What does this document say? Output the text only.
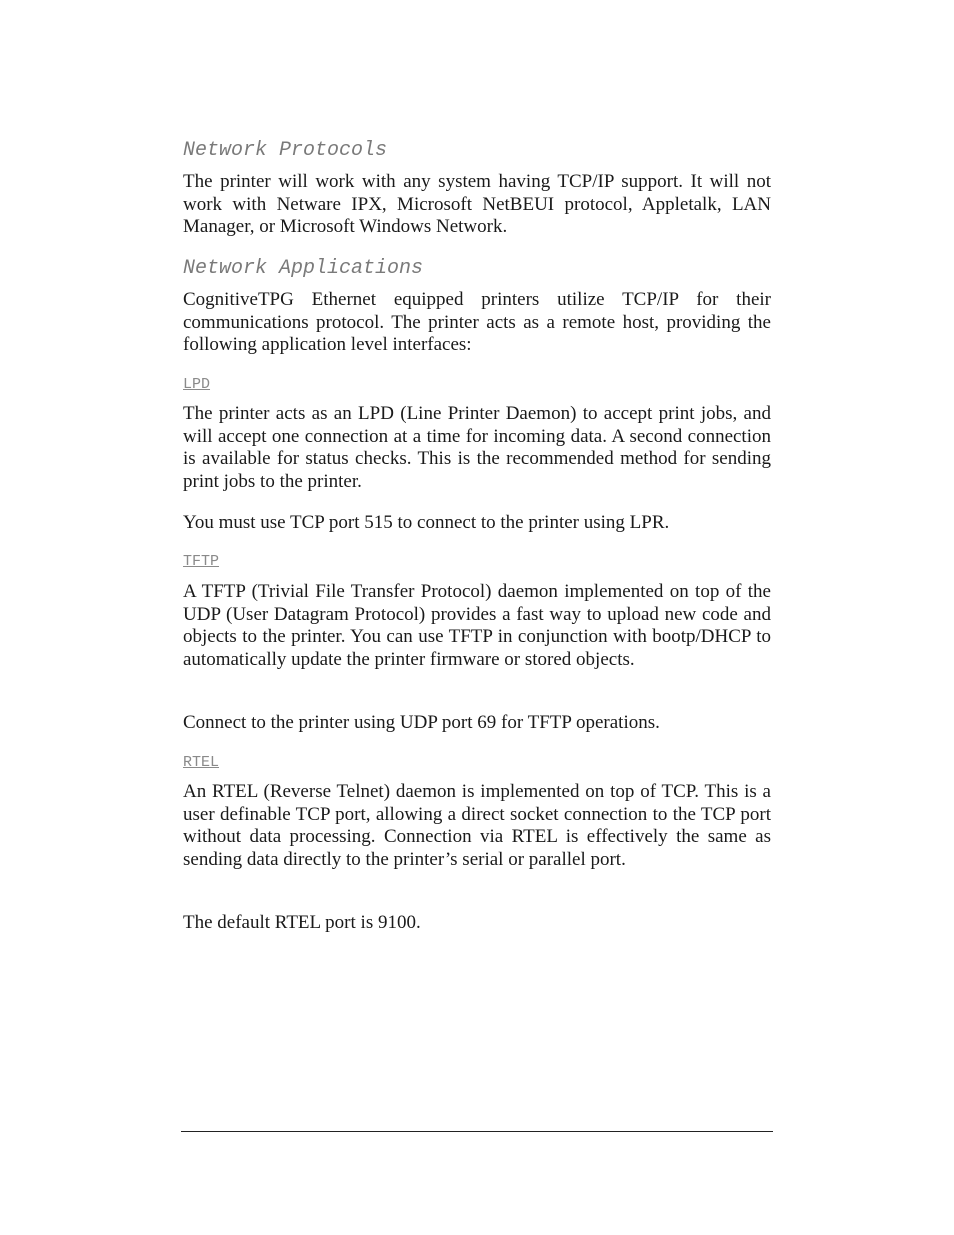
Network Protocols

The printer will work with any system having TCP/IP support. It will not work with Netware IPX, Microsoft NetBEUI protocol, Appletalk, LAN Manager, or Microsoft Windows Network.

Network Applications

CognitiveTPG Ethernet equipped printers utilize TCP/IP for their communications protocol. The printer acts as a remote host, providing the following application level interfaces:

LPD

The printer acts as an LPD (Line Printer Daemon) to accept print jobs, and will accept one connection at a time for incoming data. A second connection is available for status checks. This is the recommended method for sending print jobs to the printer.

You must use TCP port 515 to connect to the printer using LPR.

TFTP

A TFTP (Trivial File Transfer Protocol) daemon implemented on top of the UDP (User Datagram Protocol) provides a fast way to upload new code and objects to the printer. You can use TFTP in conjunction with bootp/DHCP to automatically update the printer firmware or stored objects.

Connect to the printer using UDP port 69 for TFTP operations.

RTEL

An RTEL (Reverse Telnet) daemon is implemented on top of TCP. This is a user definable TCP port, allowing a direct socket connection to the TCP port without data processing. Connection via RTEL is effectively the same as sending data directly to the printer’s serial or parallel port.

The default RTEL port is 9100.
